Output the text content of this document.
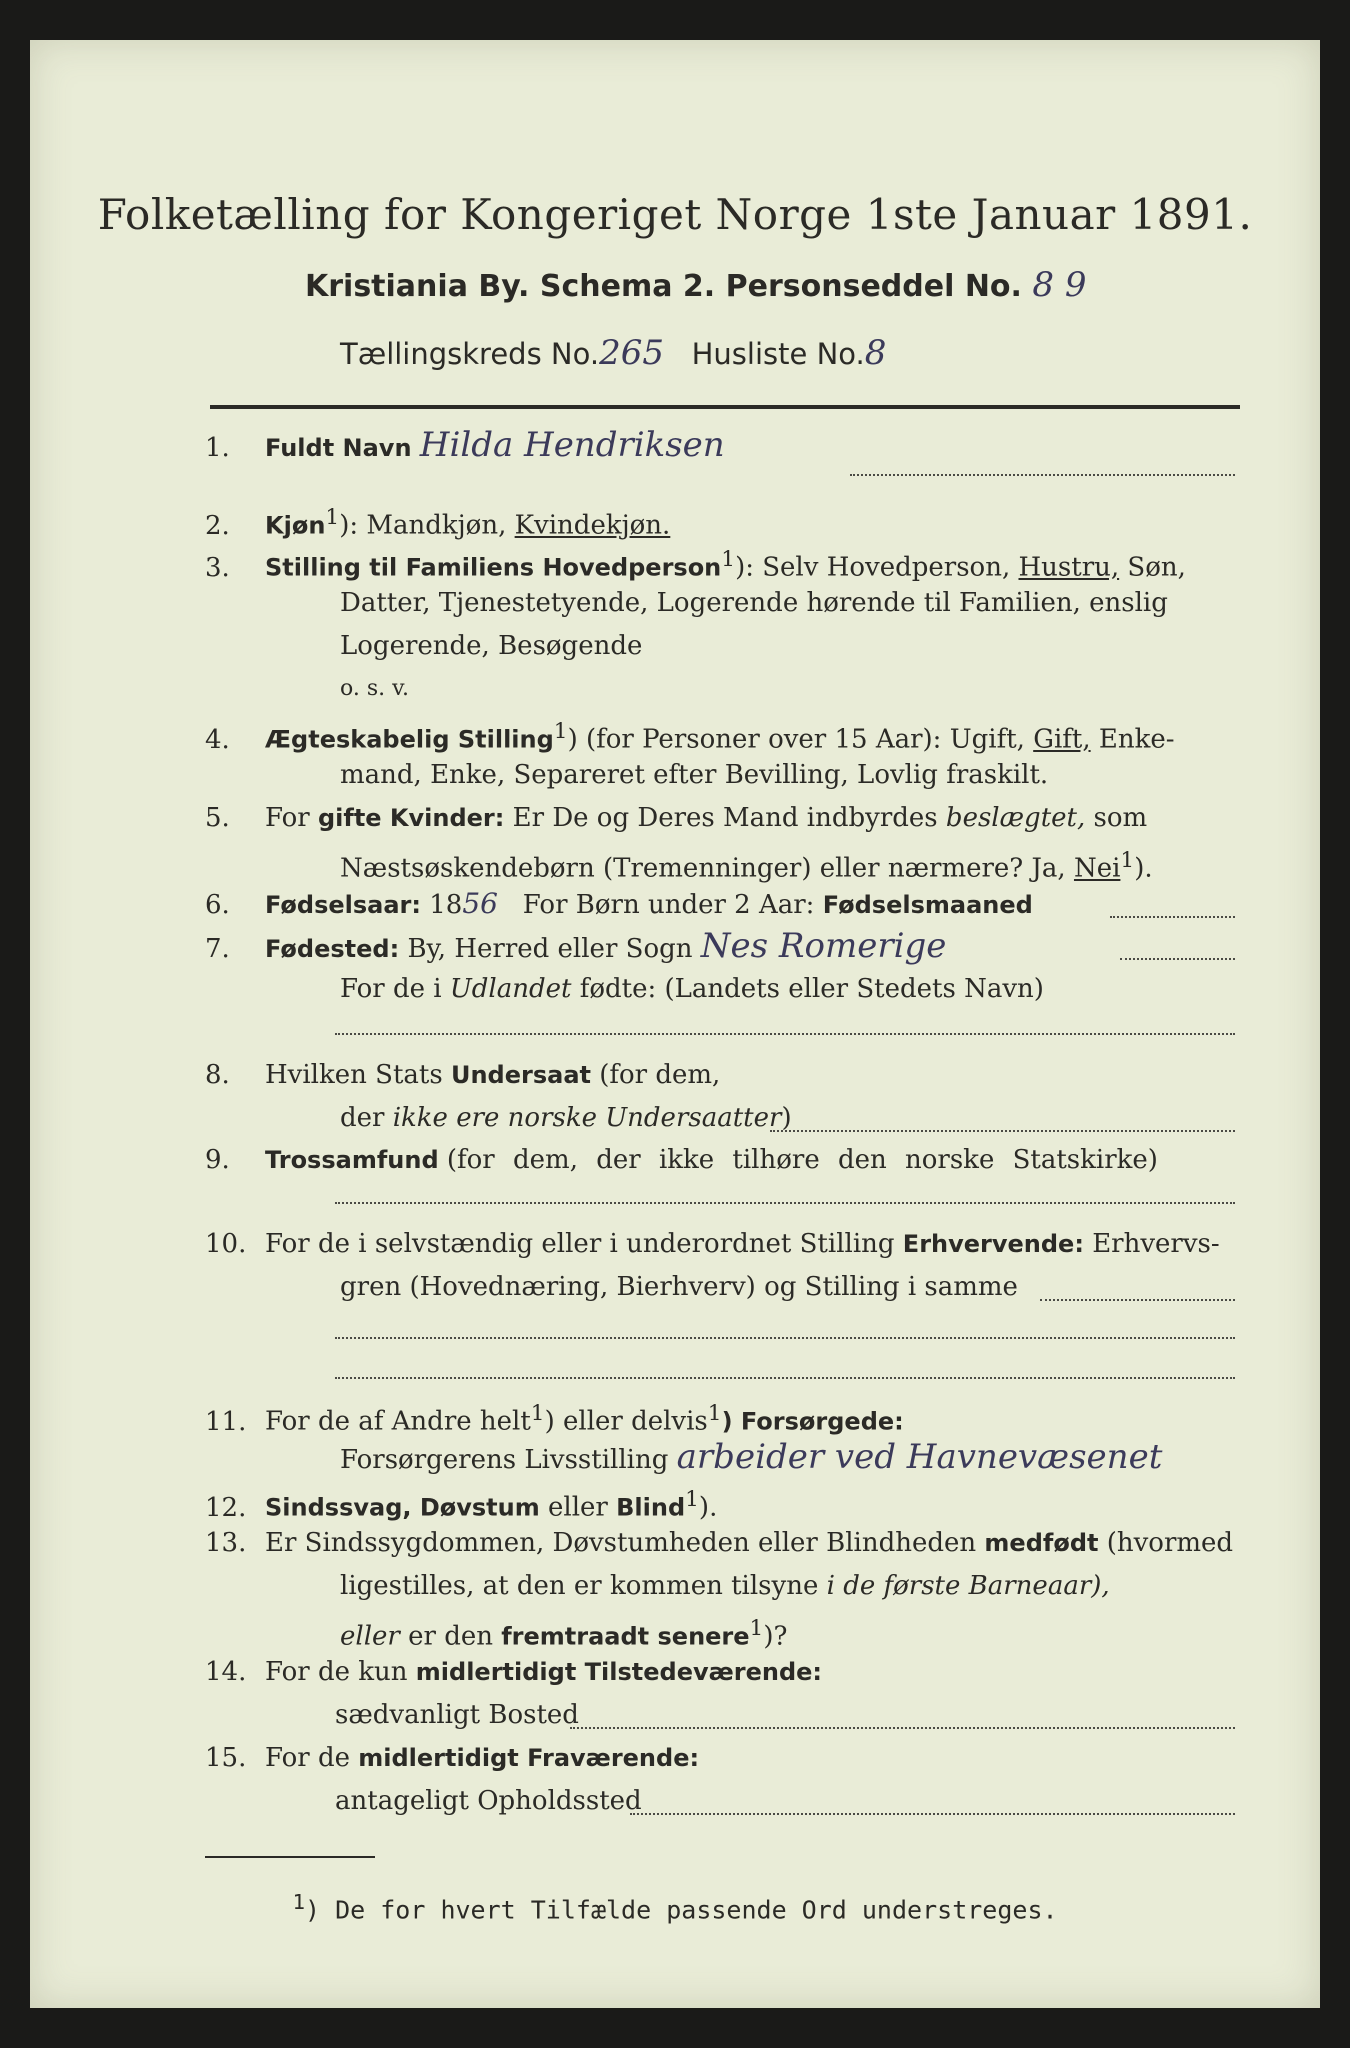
Folketælling for Kongeriget Norge 1ste Januar 1891.
Kristiania By. Schema 2. Personseddel No. 8 9
Tællingskreds No.265 Husliste No.8
1. Fuldt Navn Hilda Hendriksen
2. Kjøn$^1$): Mandkjøn, Kvindekjøn.
3. Stilling til Familiens Hovedperson$^1$): Selv Hovedperson, Hustru, Søn,
Datter, Tjenestetyende, Logerende hørende til Familien, enslig
Logerende, Besøgende
o. s. v.
4. Ægteskabelig Stilling$^1$) (for Personer over 15 Aar): Ugift, Gift, Enke-
mand, Enke, Separeret efter Bevilling, Lovlig fraskilt.
5. For gifte Kvinder: Er De og Deres Mand indbyrdes beslægtet, som
Næstsøskendebørn (Tremenninger) eller nærmere? Ja, Nei$^1$).
6. Fødselsaar: 1856 For Børn under 2 Aar: Fødselsmaaned
7. Fødested: By, Herred eller Sogn Nes Romerige
For de i Udlandet fødte: (Landets eller Stedets Navn)
8. Hvilken Stats Undersaat (for dem,
der ikke ere norske Undersaatter)
9. Trossamfund (for dem, der ikke tilhøre den norske Statskirke)
10. For de i selvstændig eller i underordnet Stilling Erhvervende: Erhvervs-
gren (Hovednæring, Bierhverv) og Stilling i samme
11. For de af Andre helt$^1$) eller delvis$^1$) Forsørgede:
Forsørgerens Livsstilling arbeider ved Havnevæsenet
12. Sindssvag, Døvstum eller Blind$^1$).
13. Er Sindssygdommen, Døvstumheden eller Blindheden medfødt (hvormed
ligestilles, at den er kommen tilsyne i de første Barneaar),
eller er den fremtraadt senere$^1$)?
14. For de kun midlertidigt Tilstedeværende:
sædvanligt Bosted
15. For de midlertidigt Fraværende:
antageligt Opholdssted
$^1$) De for hvert Tilfælde passende Ord understreges.
